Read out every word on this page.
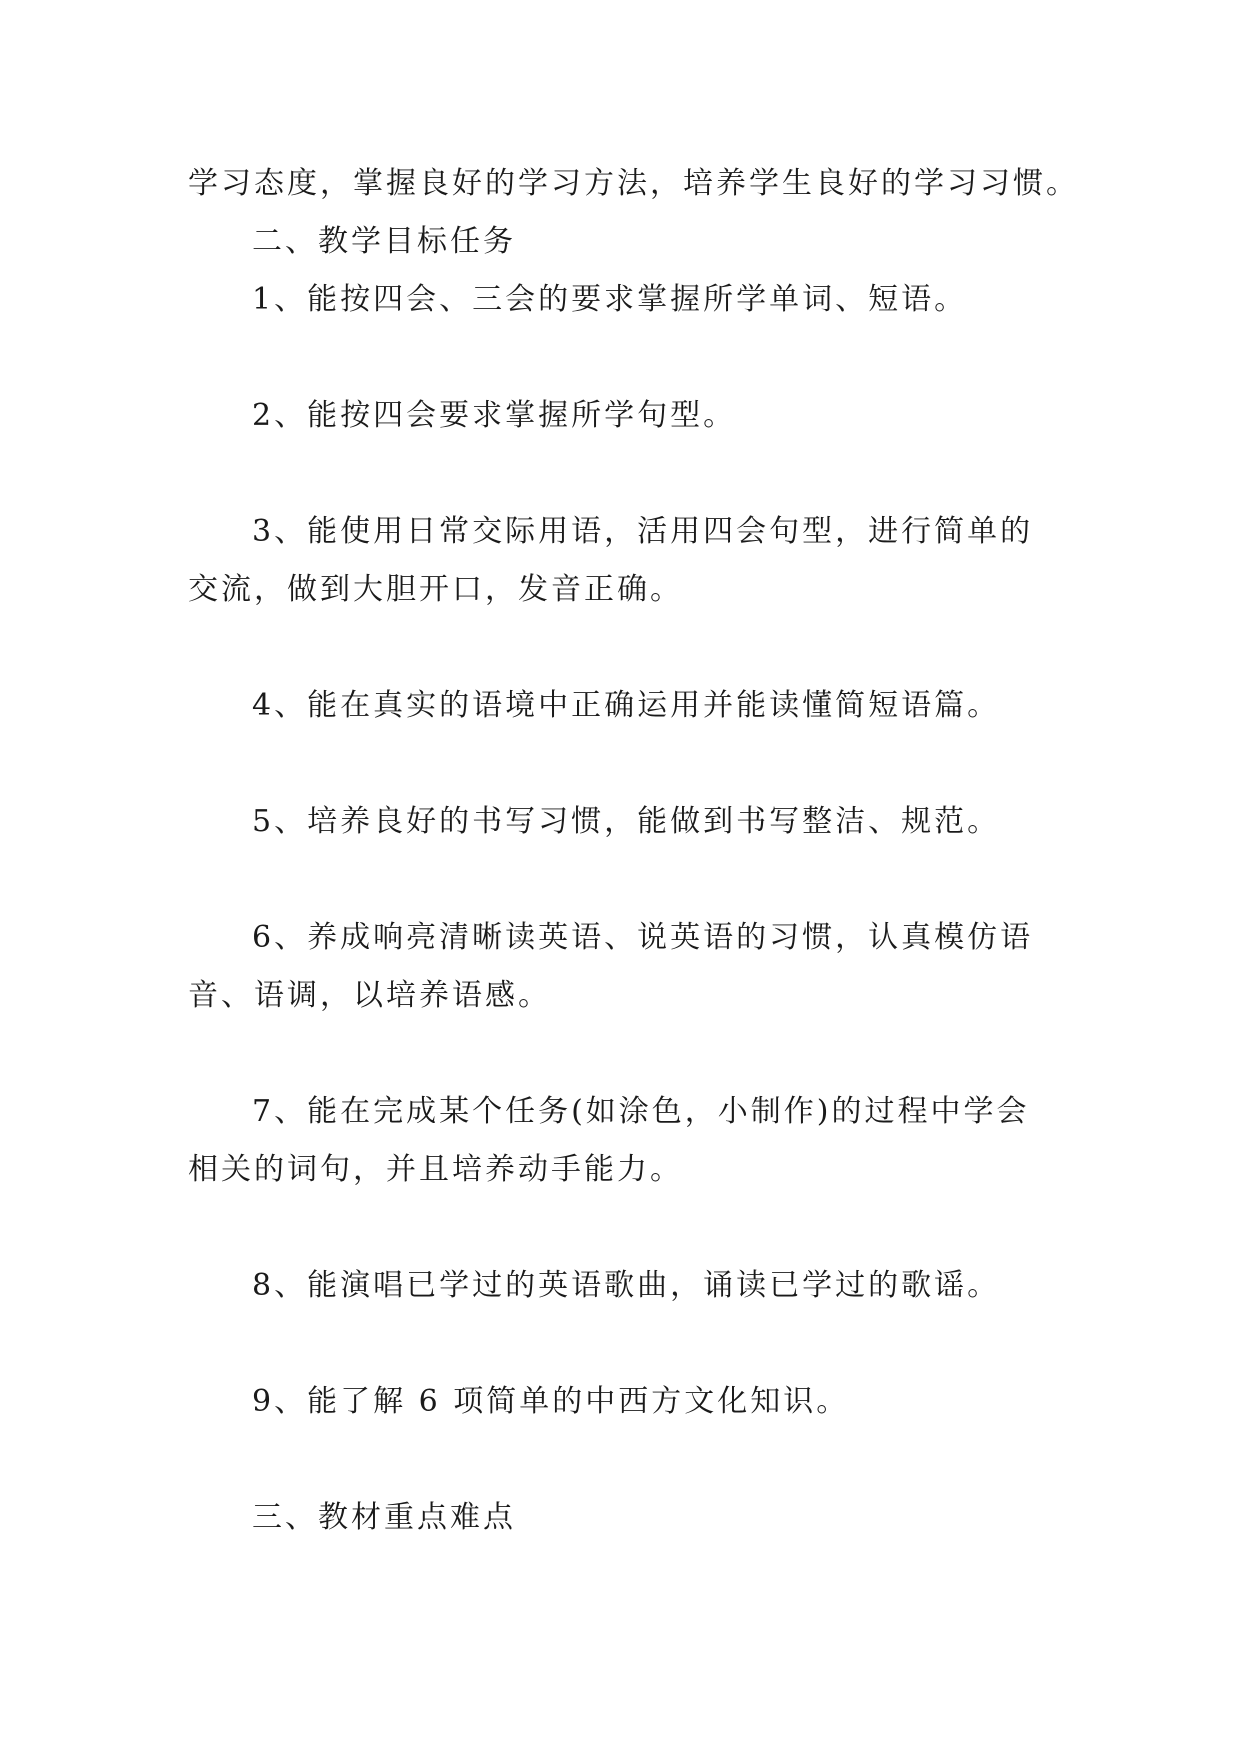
学习态度，掌握良好的学习方法，培养学生良好的学习习惯。
二、教学目标任务
1、能按四会、三会的要求掌握所学单词、短语。
2、能按四会要求掌握所学句型。
3、能使用日常交际用语，活用四会句型，进行简单的
交流，做到大胆开口，发音正确。
4、能在真实的语境中正确运用并能读懂简短语篇。
5、培养良好的书写习惯，能做到书写整洁、规范。
6、养成响亮清晰读英语、说英语的习惯，认真模仿语
音、语调，以培养语感。
7、能在完成某个任务(如涂色，小制作)的过程中学会
相关的词句，并且培养动手能力。
8、能演唱已学过的英语歌曲，诵读已学过的歌谣。
9、能了解 6 项简单的中西方文化知识。
三、教材重点难点
